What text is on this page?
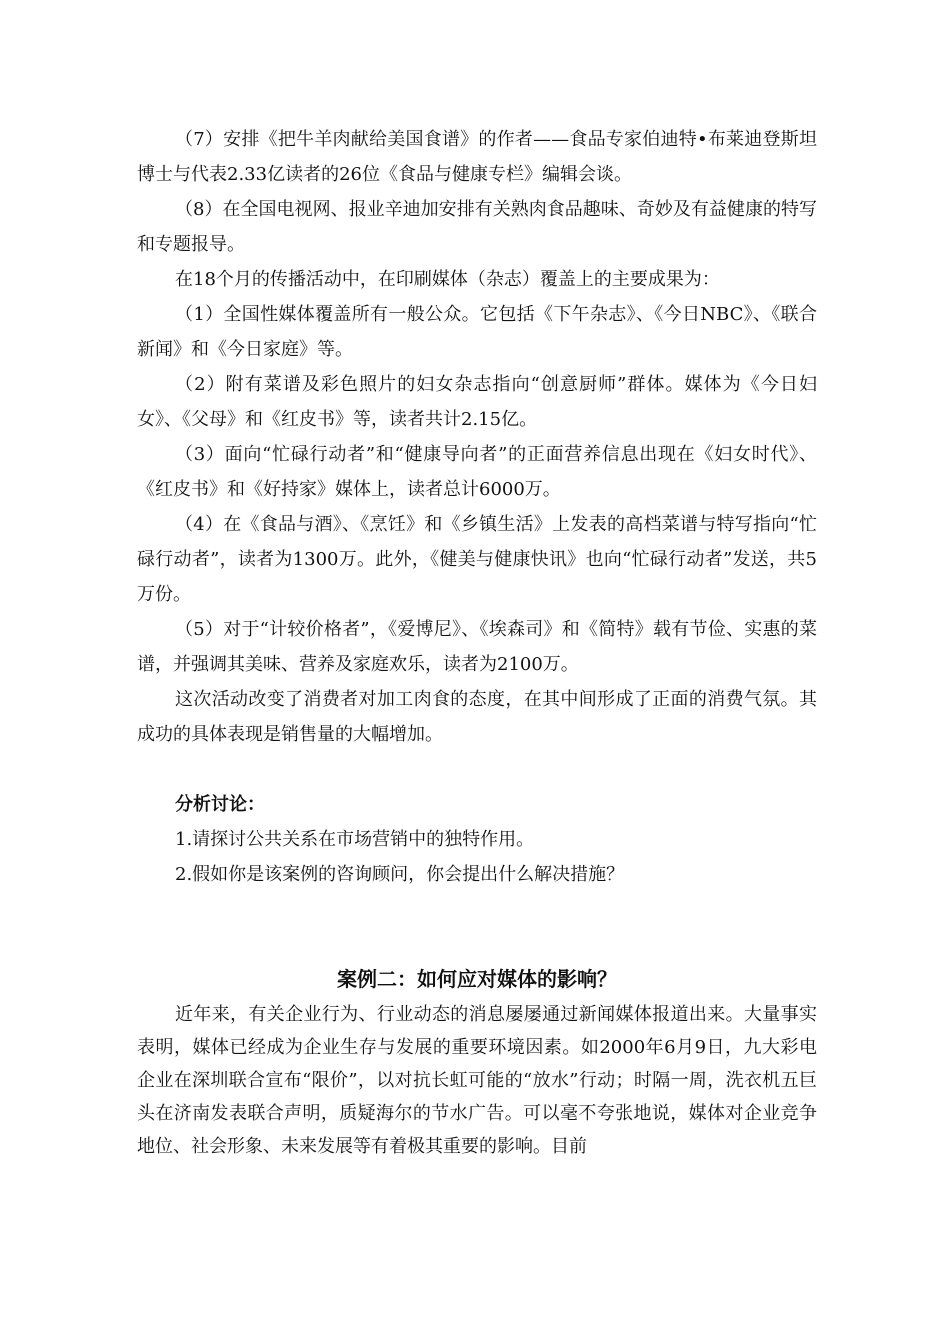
（7）安排《把牛羊肉献给美国食谱》的作者——食品专家伯迪特•布莱迪登斯坦博士与代表2.33亿读者的26位《食品与健康专栏》编辑会谈。

（8）在全国电视网、报业辛迪加安排有关熟肉食品趣味、奇妙及有益健康的特写和专题报导。

在18个月的传播活动中，在印刷媒体（杂志）覆盖上的主要成果为：

（1）全国性媒体覆盖所有一般公众。它包括《下午杂志》、《今日NBC》、《联合新闻》和《今日家庭》等。

（2）附有菜谱及彩色照片的妇女杂志指向“创意厨师”群体。媒体为《今日妇女》、《父母》和《红皮书》等，读者共计2.15亿。

（3）面向“忙碌行动者”和“健康导向者”的正面营养信息出现在《妇女时代》、《红皮书》和《好持家》媒体上，读者总计6000万。

（4）在《食品与酒》、《烹饪》和《乡镇生活》上发表的高档菜谱与特写指向“忙碌行动者”，读者为1300万。此外，《健美与健康快讯》也向“忙碌行动者”发送，共5万份。

（5）对于“计较价格者”，《爱博尼》、《埃森司》和《简特》载有节俭、实惠的菜谱，并强调其美味、营养及家庭欢乐，读者为2100万。

这次活动改变了消费者对加工肉食的态度，在其中间形成了正面的消费气氛。其成功的具体表现是销售量的大幅增加。

分析讨论：

1.请探讨公共关系在市场营销中的独特作用。

2.假如你是该案例的咨询顾问，你会提出什么解决措施？

案例二：如何应对媒体的影响？

近年来，有关企业行为、行业动态的消息屡屡通过新闻媒体报道出来。大量事实表明，媒体已经成为企业生存与发展的重要环境因素。如2000年6月9日，九大彩电企业在深圳联合宣布“限价”，以对抗长虹可能的“放水”行动；时隔一周，洗衣机五巨头在济南发表联合声明，质疑海尔的节水广告。可以毫不夸张地说，媒体对企业竞争地位、社会形象、未来发展等有着极其重要的影响。目前
